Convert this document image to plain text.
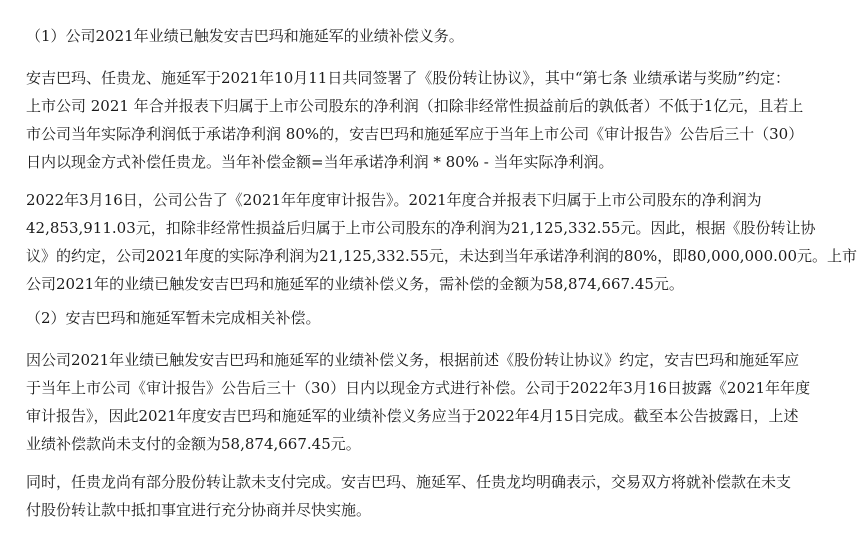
（1）公司2021年业绩已触发安吉巴玛和施延军的业绩补偿义务。
安吉巴玛、任贵龙、施延军于2021年10月11日共同签署了《股份转让协议》，其中“第七条 业绩承诺与奖励”约定：
上市公司 2021 年合并报表下归属于上市公司股东的净利润（扣除非经常性损益前后的孰低者）不低于1亿元，且若上
市公司当年实际净利润低于承诺净利润 80%的，安吉巴玛和施延军应于当年上市公司《审计报告》公告后三十（30）
日内以现金方式补偿任贵龙。当年补偿金额=当年承诺净利润 * 80% - 当年实际净利润。
2022年3月16日，公司公告了《2021年年度审计报告》。2021年度合并报表下归属于上市公司股东的净利润为
42,853,911.03元，扣除非经常性损益后归属于上市公司股东的净利润为21,125,332.55元。因此，根据《股份转让协
议》的约定，公司2021年度的实际净利润为21,125,332.55元，未达到当年承诺净利润的80%，即80,000,000.00元。上市
公司2021年的业绩已触发安吉巴玛和施延军的业绩补偿义务，需补偿的金额为58,874,667.45元。
（2）安吉巴玛和施延军暂未完成相关补偿。
因公司2021年业绩已触发安吉巴玛和施延军的业绩补偿义务，根据前述《股份转让协议》约定，安吉巴玛和施延军应
于当年上市公司《审计报告》公告后三十（30）日内以现金方式进行补偿。公司于2022年3月16日披露《2021年年度
审计报告》，因此2021年度安吉巴玛和施延军的业绩补偿义务应当于2022年4月15日完成。截至本公告披露日，上述
业绩补偿款尚未支付的金额为58,874,667.45元。
同时，任贵龙尚有部分股份转让款未支付完成。安吉巴玛、施延军、任贵龙均明确表示，交易双方将就补偿款在未支
付股份转让款中抵扣事宜进行充分协商并尽快实施。
